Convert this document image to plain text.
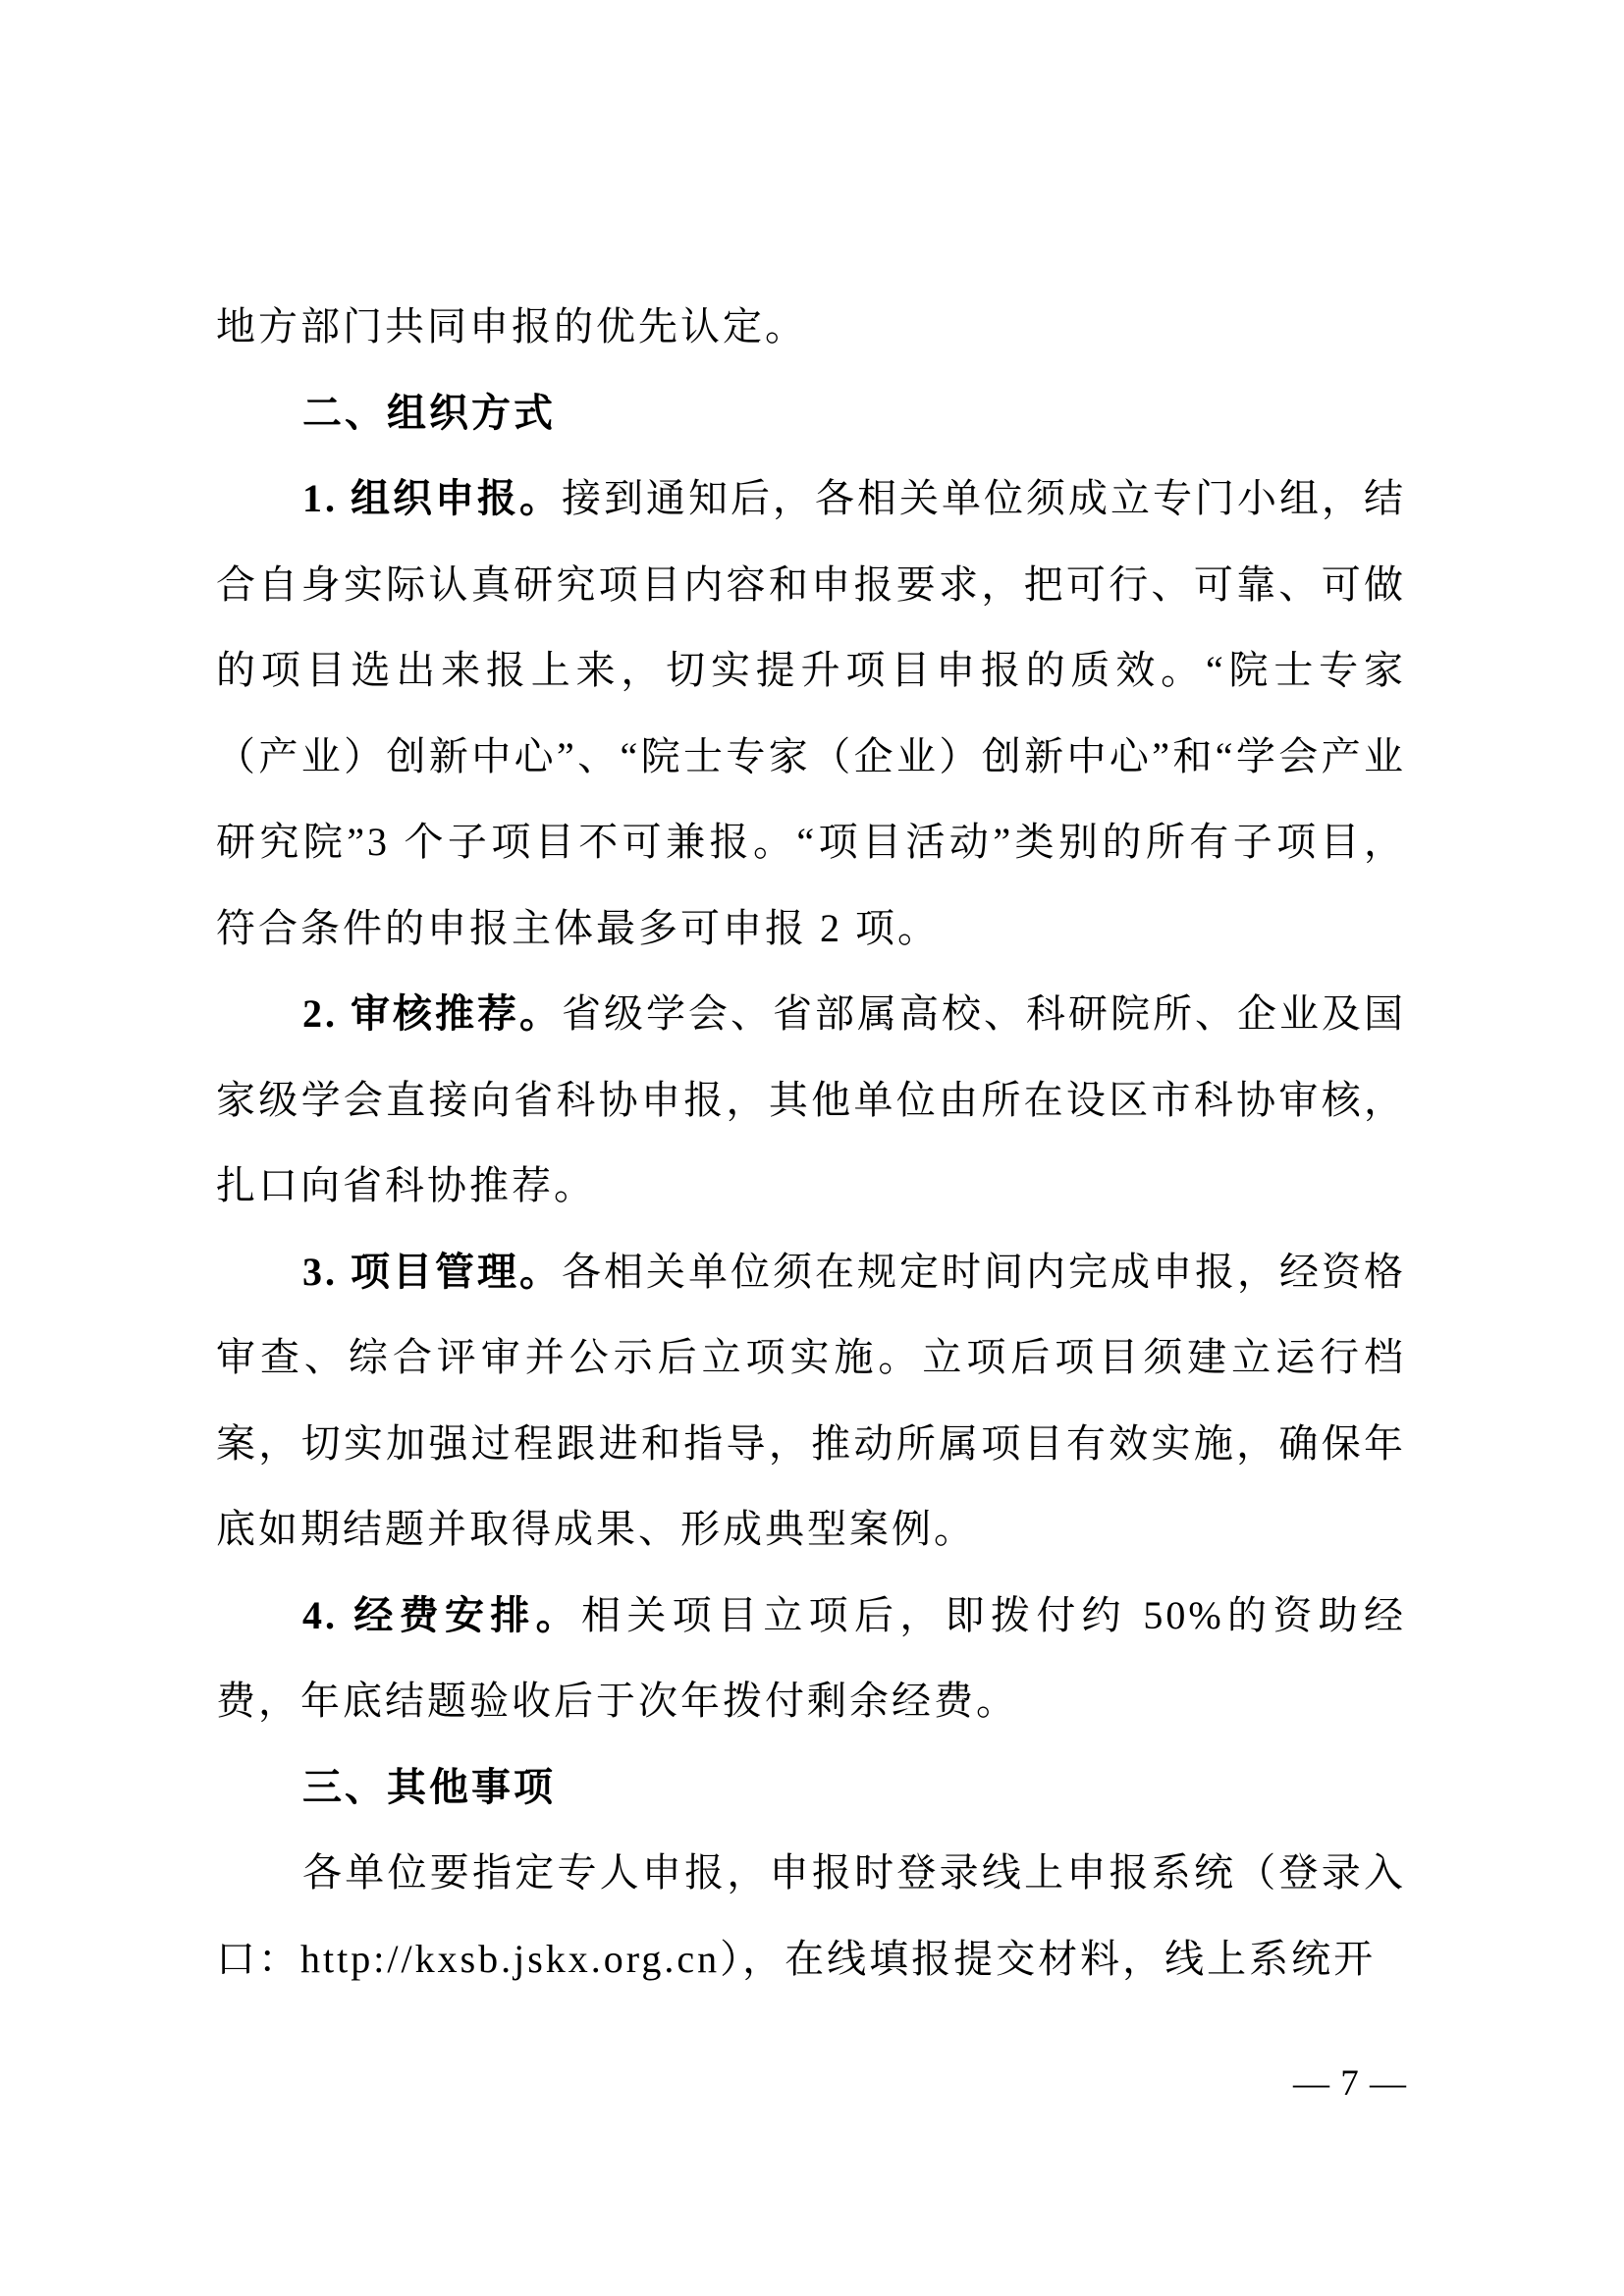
地方部门共同申报的优先认定。

二、组织方式

1. 组织申报。接到通知后，各相关单位须成立专门小组，结合自身实际认真研究项目内容和申报要求，把可行、可靠、可做的项目选出来报上来，切实提升项目申报的质效。“院士专家（产业）创新中心”、“院士专家（企业）创新中心”和“学会产业研究院”3 个子项目不可兼报。“项目活动”类别的所有子项目，符合条件的申报主体最多可申报 2 项。

2. 审核推荐。省级学会、省部属高校、科研院所、企业及国家级学会直接向省科协申报，其他单位由所在设区市科协审核，扎口向省科协推荐。

3. 项目管理。各相关单位须在规定时间内完成申报，经资格审查、综合评审并公示后立项实施。立项后项目须建立运行档案，切实加强过程跟进和指导，推动所属项目有效实施，确保年底如期结题并取得成果、形成典型案例。

4. 经费安排。相关项目立项后，即拨付约 50%的资助经费，年底结题验收后于次年拨付剩余经费。

三、其他事项

各单位要指定专人申报，申报时登录线上申报系统（登录入口：http://kxsb.jskx.org.cn），在线填报提交材料，线上系统开

— 7 —
